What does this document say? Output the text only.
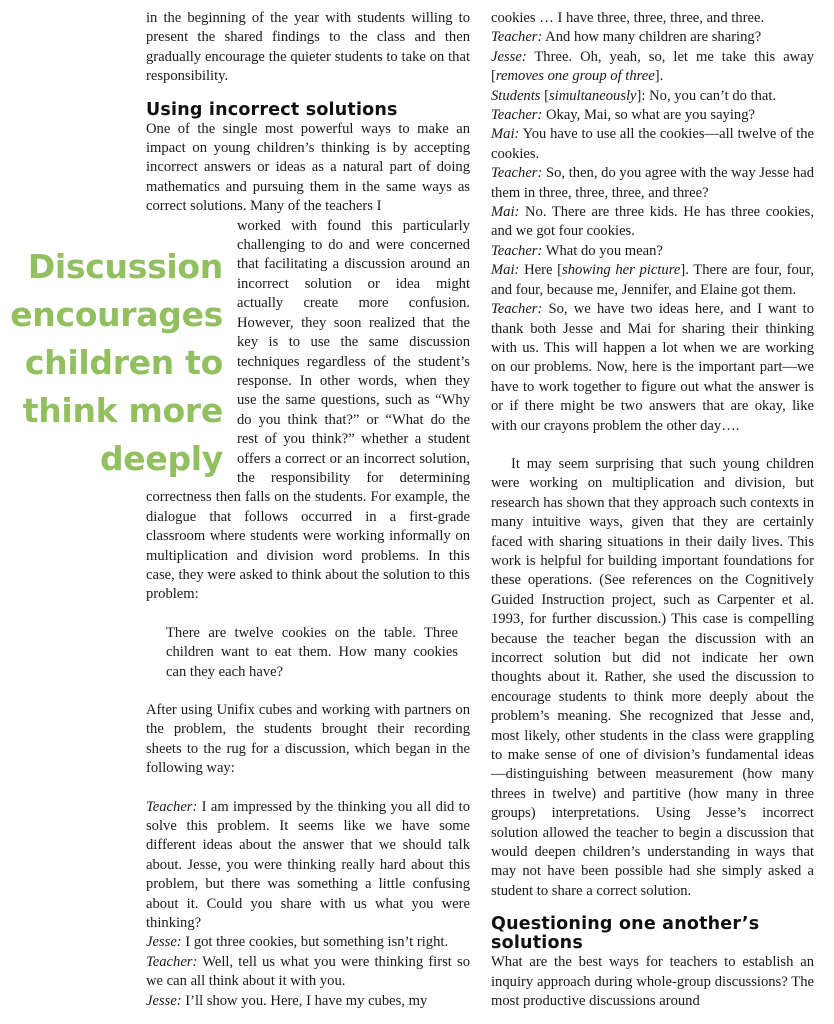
Discussion
encourages
children to
think more
deeply

in the beginning of the year with students willing to present the shared findings to the class and then gradually encourage the quieter students to take on that responsibility.

Using incorrect solutions

One of the single most powerful ways to make an impact on young children’s thinking is by accepting incorrect answers or ideas as a natural part of doing mathematics and pursuing them in the same ways as correct solutions. Many of the teachers I

worked with found this particularly challenging to do and were concerned that facilitating a discussion around an incorrect solution or idea might actually create more confusion. However, they soon realized that the key is to use the same discussion techniques regardless of the student’s response. In other words, when they use the same questions, such as “Why do you think that?” or “What do the rest of you think?” whether a student offers a correct or an incorrect solution, the responsibility for determining correctness then falls on the students. For example, the dialogue that follows occurred in a first-grade classroom where students were working informally on multiplication and division word problems. In this case, they were asked to think about the solution to this problem:

There are twelve cookies on the table. Three children want to eat them. How many cookies can they each have?

After using Unifix cubes and working with partners on the problem, the students brought their recording sheets to the rug for a discussion, which began in the following way:

Teacher: I am impressed by the thinking you all did to solve this problem. It seems like we have some different ideas about the answer that we should talk about. Jesse, you were thinking really hard about this problem, but there was something a little confusing about it. Could you share with us what you were thinking?

Jesse: I got three cookies, but something isn’t right.

Teacher: Well, tell us what you were thinking first so we can all think about it with you.

Jesse: I’ll show you. Here, I have my cubes, my

cookies … I have three, three, three, and three.

Teacher: And how many children are sharing?

Jesse: Three. Oh, yeah, so, let me take this away [removes one group of three].

Students [simultaneously]: No, you can’t do that.

Teacher: Okay, Mai, so what are you saying?

Mai: You have to use all the cookies—all twelve of the cookies.

Teacher: So, then, do you agree with the way Jesse had them in three, three, three, and three?

Mai: No. There are three kids. He has three cookies, and we got four cookies.

Teacher: What do you mean?

Mai: Here [showing her picture]. There are four, four, and four, because me, Jennifer, and Elaine got them.

Teacher: So, we have two ideas here, and I want to thank both Jesse and Mai for sharing their thinking with us. This will happen a lot when we are working on our problems. Now, here is the important part—we have to work together to figure out what the answer is or if there might be two answers that are okay, like with our crayons problem the other day….

It may seem surprising that such young children were working on multiplication and division, but research has shown that they approach such contexts in many intuitive ways, given that they are certainly faced with sharing situations in their daily lives. This work is helpful for building important foundations for these operations. (See references on the Cognitively Guided Instruction project, such as Carpenter et al. 1993, for further discussion.) This case is compelling because the teacher began the discussion with an incorrect solution but did not indicate her own thoughts about it. Rather, she used the discussion to encourage students to think more deeply about the problem’s meaning. She recognized that Jesse and, most likely, other students in the class were grappling to make sense of one of division’s fundamental ideas—distinguishing between measurement (how many threes in twelve) and partitive (how many in three groups) interpretations. Using Jesse’s incorrect solution allowed the teacher to begin a discussion that would deepen children’s understanding in ways that may not have been possible had she simply asked a student to share a correct solution.

Questioning one another’s solutions

What are the best ways for teachers to establish an inquiry approach during whole-group discussions? The most productive discussions around
